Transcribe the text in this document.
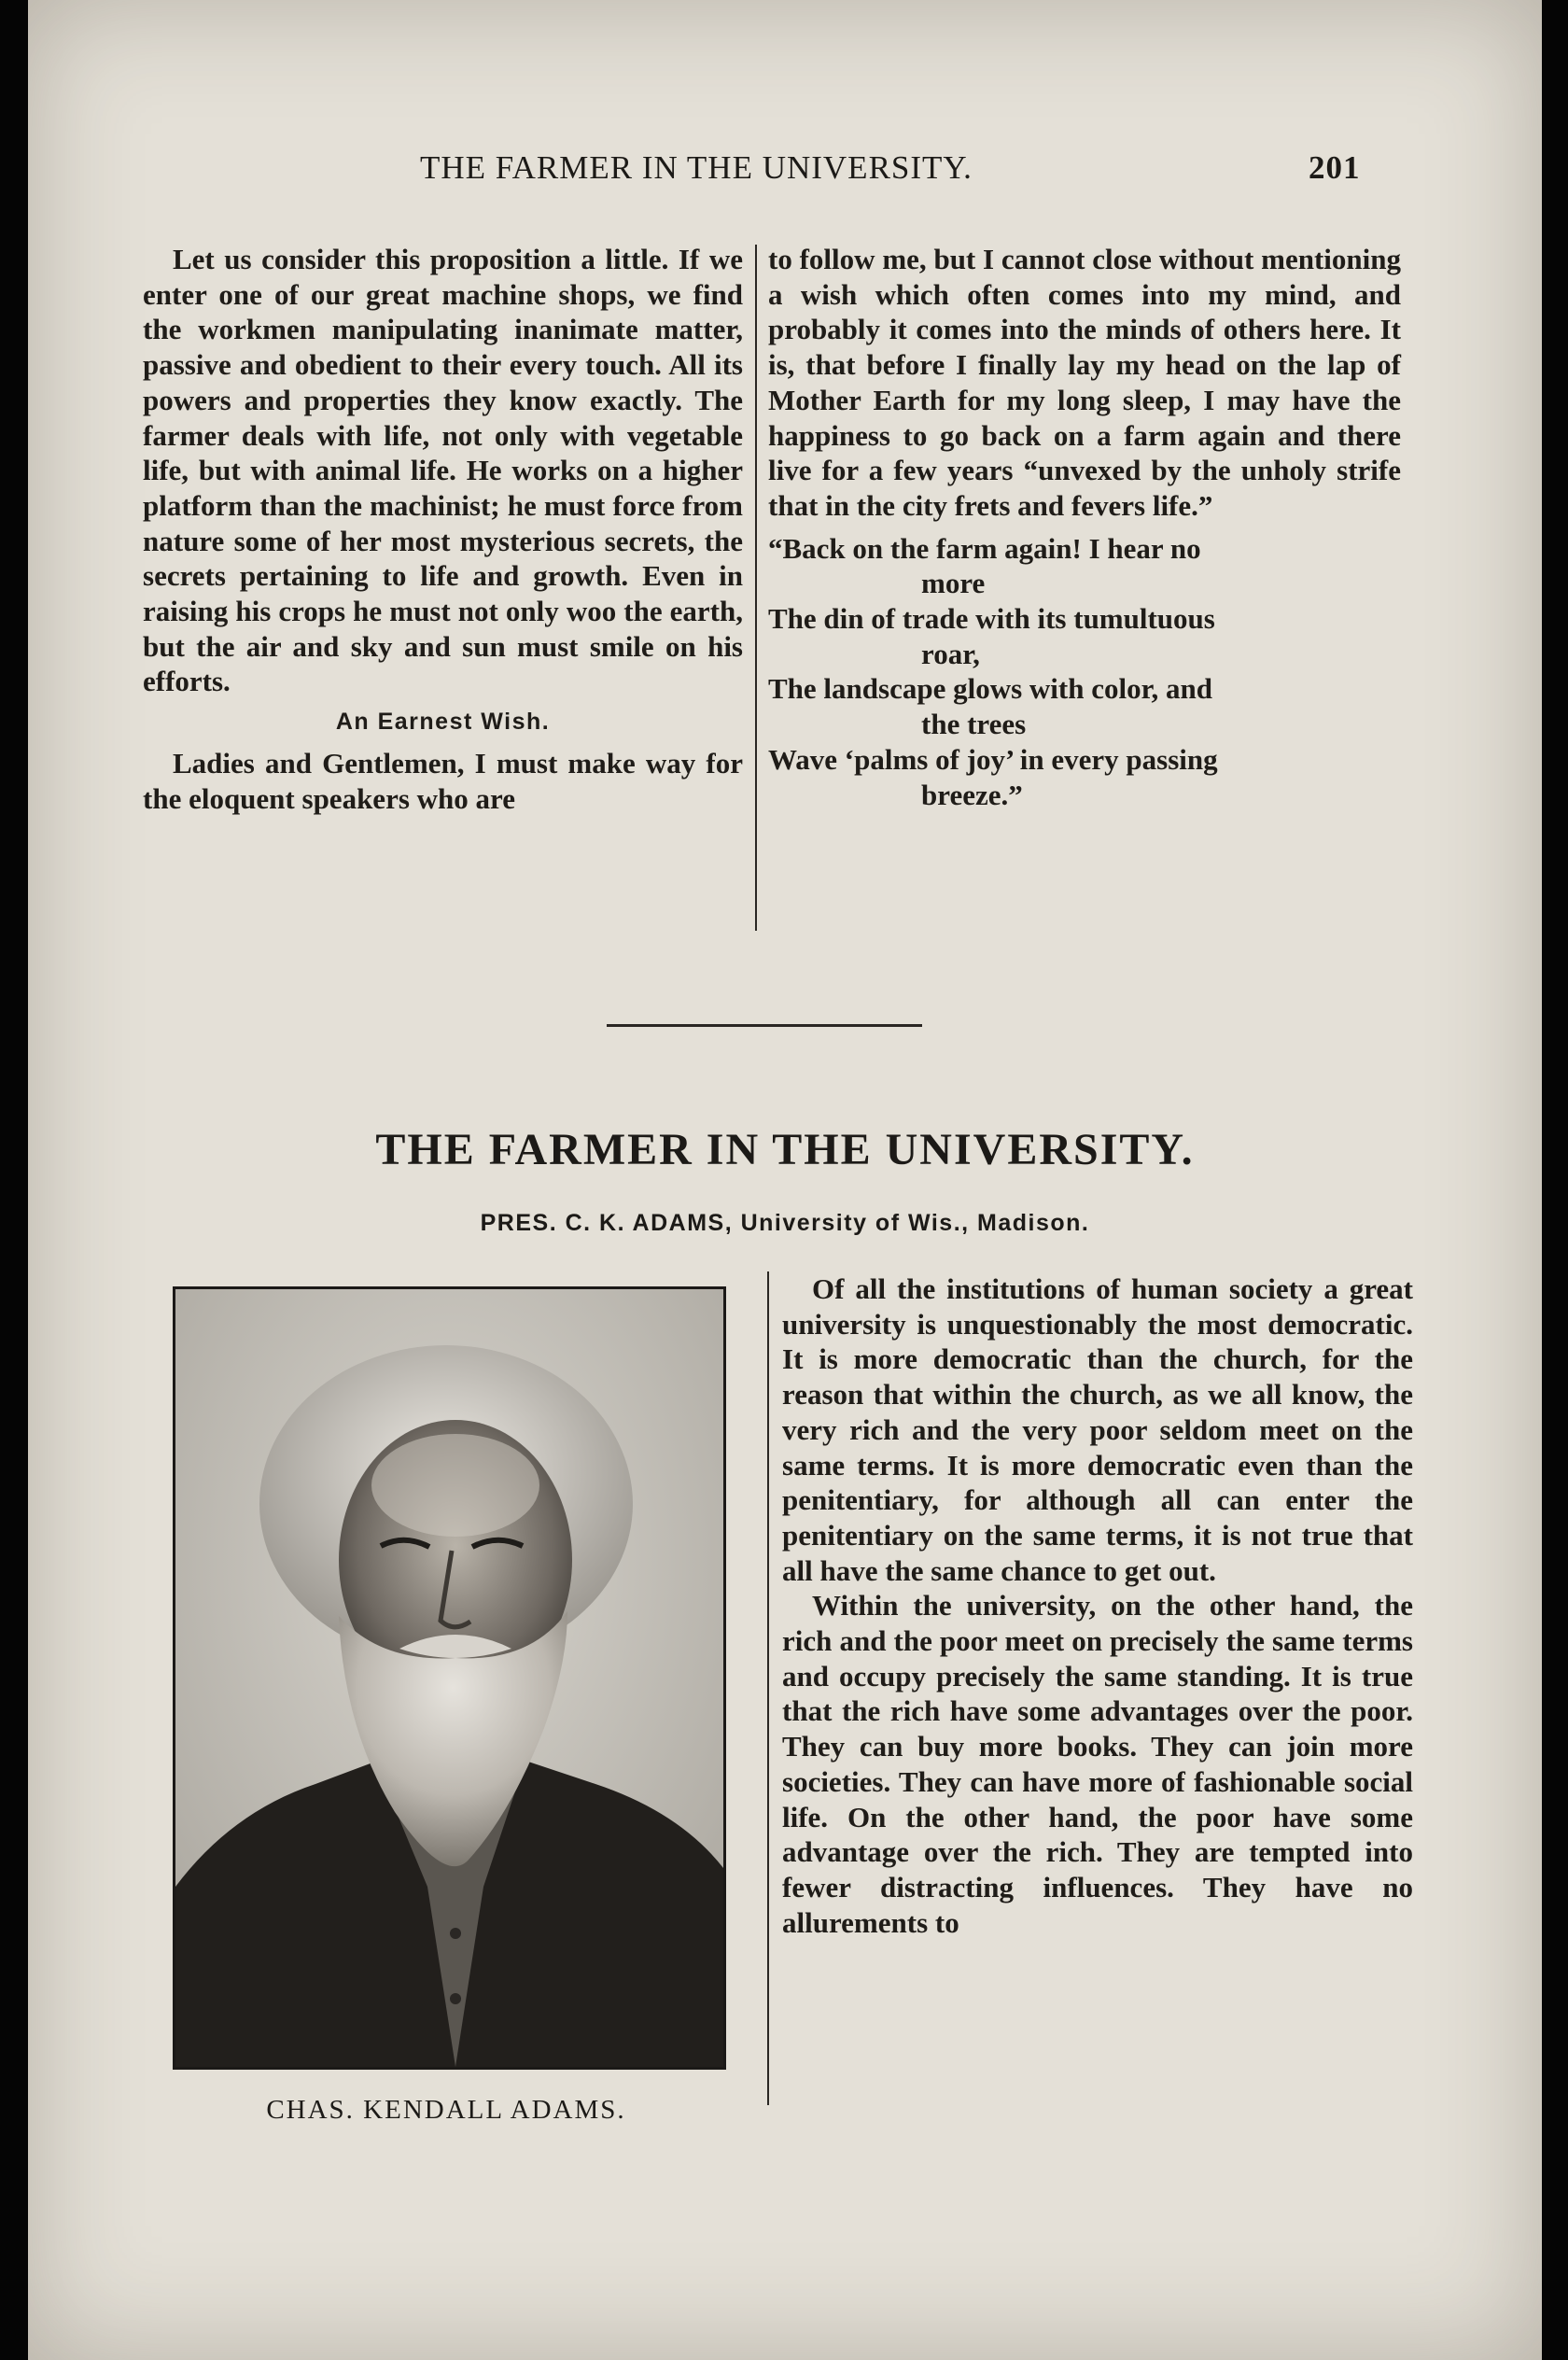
THE FARMER IN THE UNIVERSITY.	201

Let us consider this proposition a little. If we enter one of our great machine shops, we find the workmen manipulating inanimate matter, passive and obedient to their every touch. All its powers and properties they know exactly. The farmer deals with life, not only with vegetable life, but with animal life. He works on a higher platform than the machinist; he must force from nature some of her most mysterious secrets, the secrets pertaining to life and growth. Even in raising his crops he must not only woo the earth, but the air and sky and sun must smile on his efforts.

An Earnest Wish.

Ladies and Gentlemen, I must make way for the eloquent speakers who are

to follow me, but I cannot close without mentioning a wish which often comes into my mind, and probably it comes into the minds of others here. It is, that before I finally lay my head on the lap of Mother Earth for my long sleep, I may have the happiness to go back on a farm again and there live for a few years “unvexed by the unholy strife that in the city frets and fevers life.”

“Back on the farm again! I hear no

more

The din of trade with its tumultuous

roar,

The landscape glows with color, and

the trees

Wave ‘palms of joy’ in every passing

breeze.”

THE FARMER IN THE UNIVERSITY.
PRES. C. K. ADAMS, University of Wis., Madison.
CHAS. KENDALL ADAMS.

Of all the institutions of human society a great university is unquestionably the most democratic. It is more democratic than the church, for the reason that within the church, as we all know, the very rich and the very poor seldom meet on the same terms. It is more democratic even than the penitentiary, for although all can enter the penitentiary on the same terms, it is not true that all have the same chance to get out.

Within the university, on the other hand, the rich and the poor meet on precisely the same terms and occupy precisely the same standing. It is true that the rich have some advantages over the poor. They can buy more books. They can join more societies. They can have more of fashionable social life. On the other hand, the poor have some advantage over the rich. They are tempted into fewer distracting influences. They have no allurements to
